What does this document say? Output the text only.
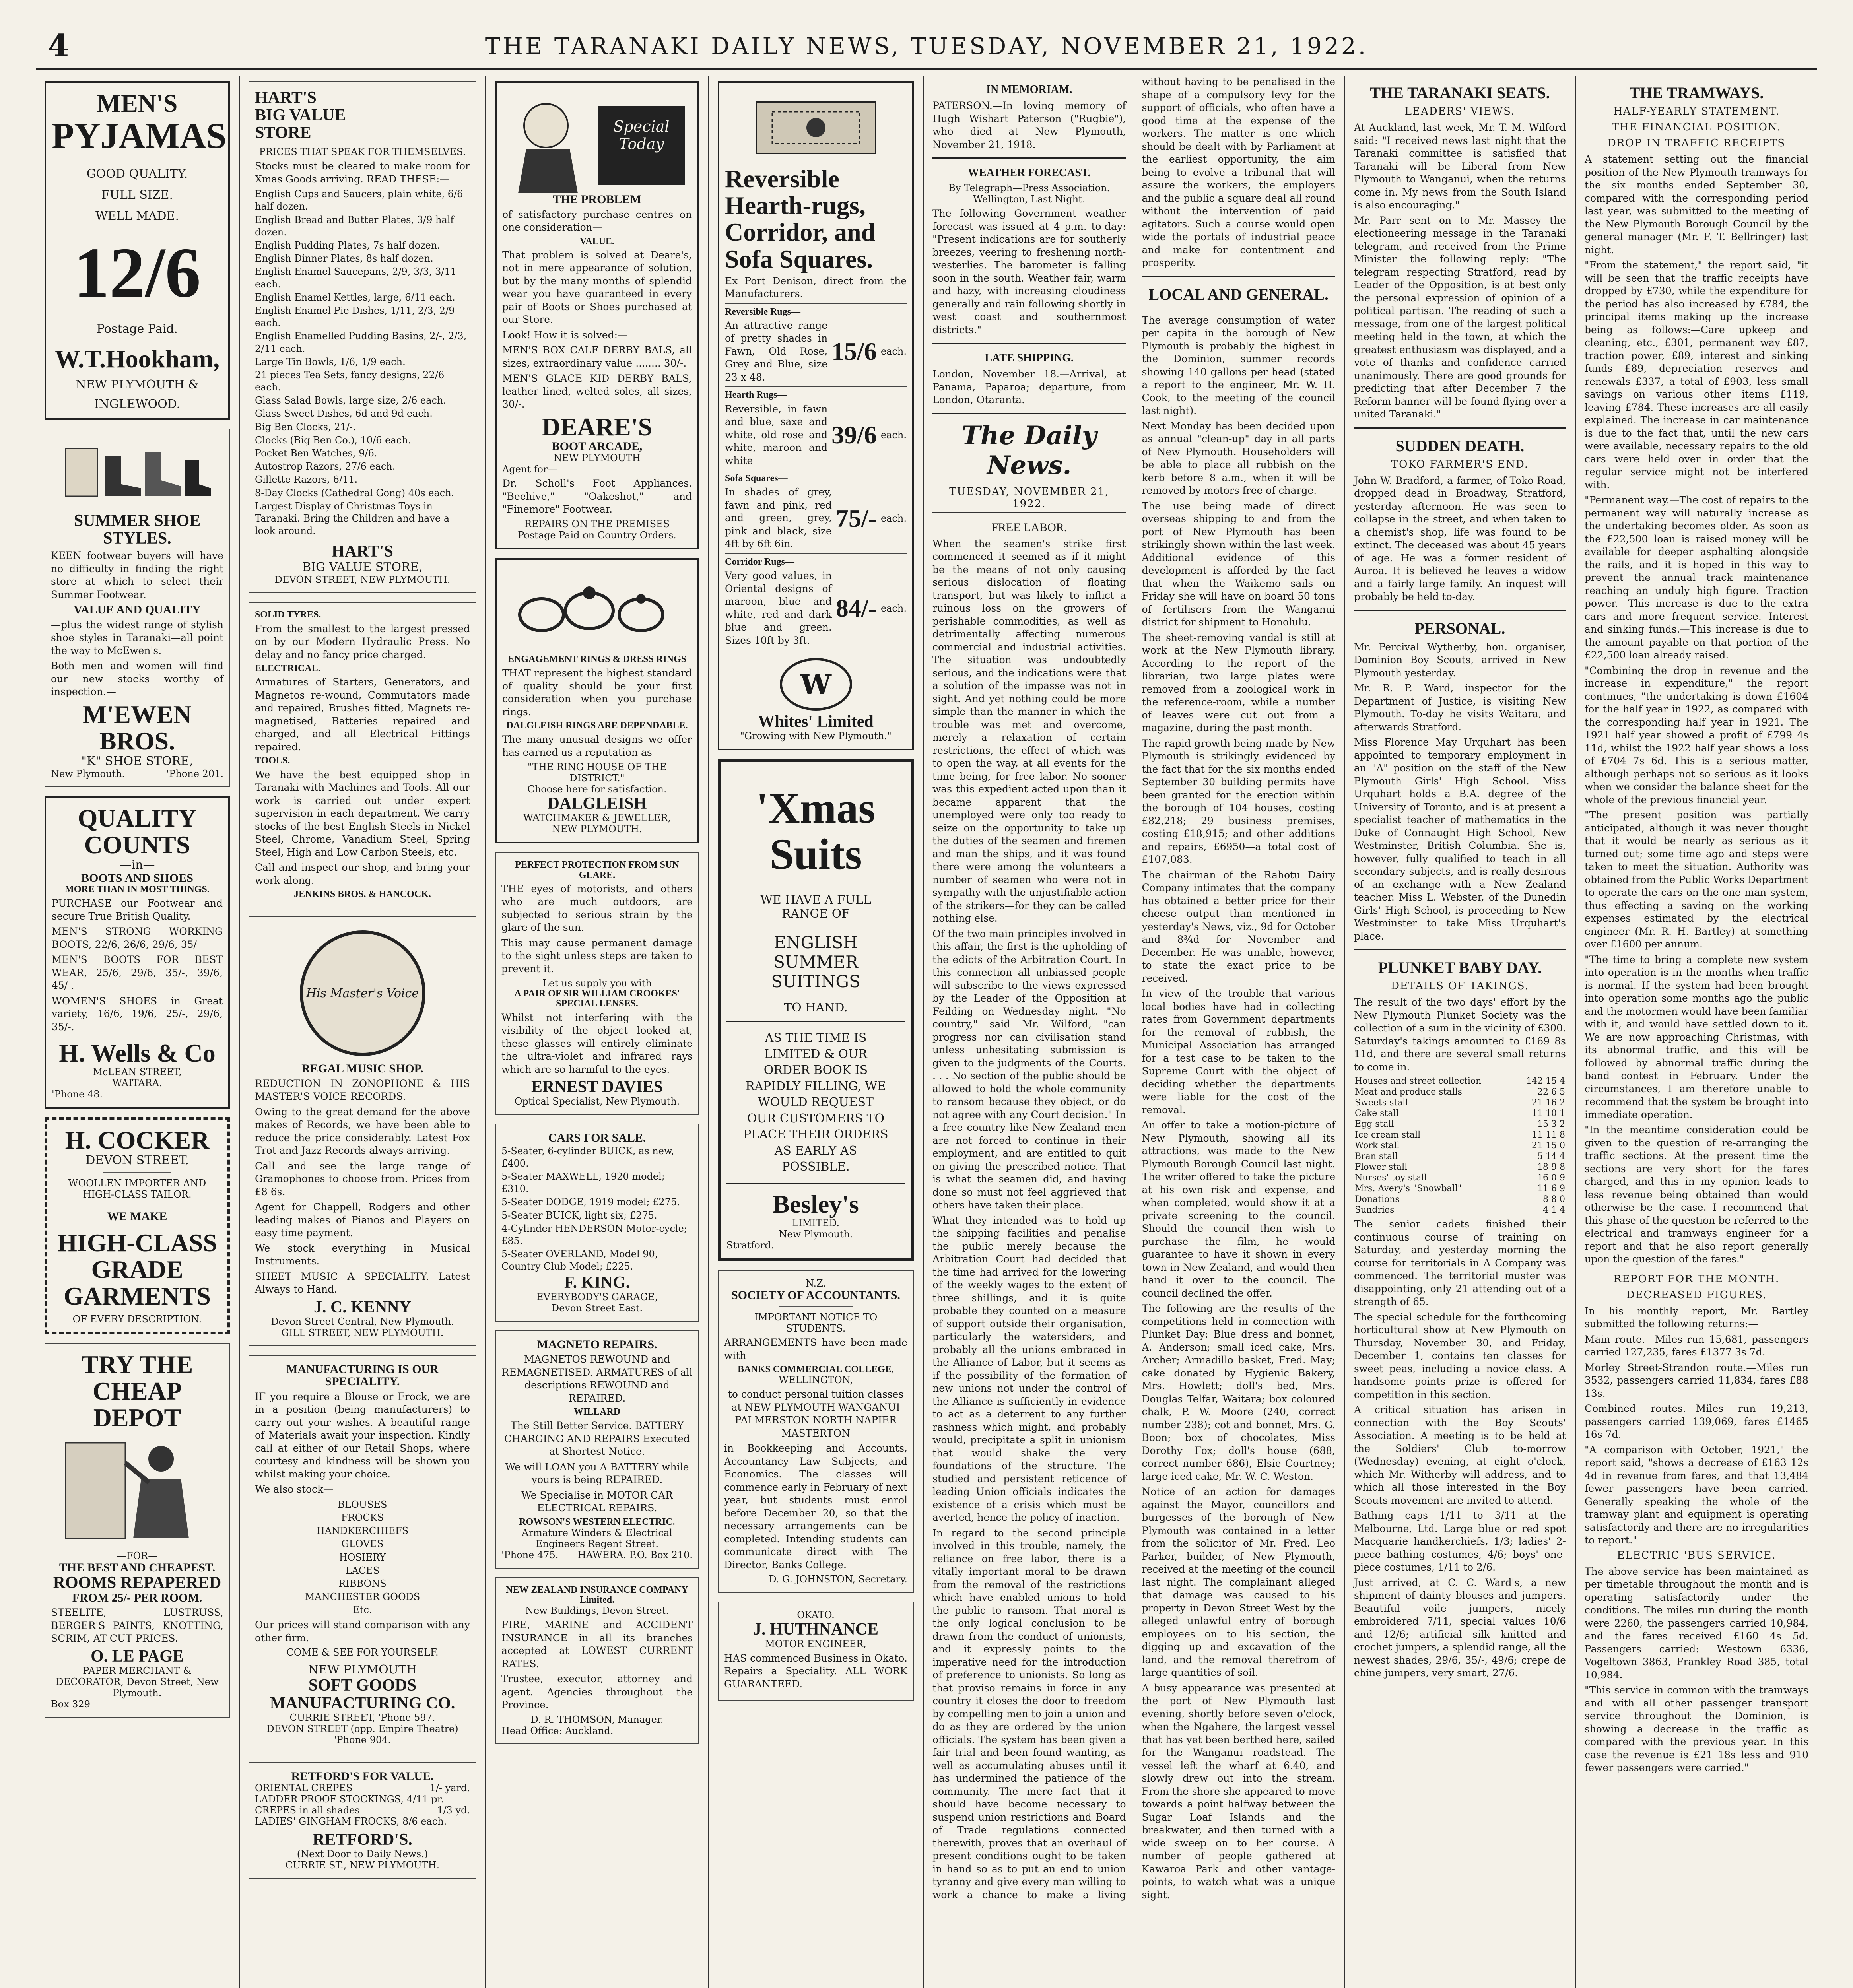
4	THE TARANAKI DAILY NEWS, TUESDAY, NOVEMBER 21, 1922.
MEN'S
PYJAMAS
GOOD QUALITY.
FULL SIZE.
WELL MADE.
12/6
Postage Paid.
W.T.Hookham,
NEW PLYMOUTH &
INGLEWOOD.
SUMMER SHOE
STYLES.

KEEN footwear buyers will have no difficulty in finding the right store at which to select their Summer Footwear.

VALUE AND QUALITY

—plus the widest range of stylish shoe styles in Taranaki—all point the way to McEwen's.

Both men and women will find our new stocks worthy of inspection.—

M'EWEN BROS.
"K" SHOE STORE,
New Plymouth.	'Phone 201.
QUALITY
COUNTS
—in—
BOOTS AND SHOES
MORE THAN IN MOST THINGS.

PURCHASE our Footwear and secure True British Quality.

MEN'S STRONG WORKING BOOTS, 22/6, 26/6, 29/6, 35/-

MEN'S BOOTS FOR BEST WEAR, 25/6, 29/6, 35/-, 39/6, 45/-.

WOMEN'S SHOES in Great variety, 16/6, 19/6, 25/-, 29/6, 35/-.

H. Wells & Co
McLEAN STREET,
WAITARA.
'Phone 48.
H. COCKER
DEVON STREET.
WOOLLEN IMPORTER AND
HIGH-CLASS TAILOR.
WE MAKE
HIGH-CLASS
GRADE
GARMENTS
OF EVERY DESCRIPTION.
TRY THE CHEAP
DEPOT
—FOR—
THE BEST AND CHEAPEST.
ROOMS REPAPERED
FROM 25/- PER ROOM.

STEELITE, LUSTRUSS, BERGER'S PAINTS, KNOTTING, SCRIM, AT CUT PRICES.

O. LE PAGE
PAPER MERCHANT & DECORATOR, Devon Street, New Plymouth.
Box 329
HART'S
BIG VALUE
STORE
PRICES THAT SPEAK FOR THEMSELVES.

Stocks must be cleared to make room for Xmas Goods arriving. READ THESE:—

English Cups and Saucers, plain white, 6/6 half dozen.
English Bread and Butter Plates, 3/9 half dozen.
English Pudding Plates, 7s half dozen.
English Dinner Plates, 8s half dozen.
English Enamel Saucepans, 2/9, 3/3, 3/11 each.
English Enamel Kettles, large, 6/11 each.
English Enamel Pie Dishes, 1/11, 2/3, 2/9 each.
English Enamelled Pudding Basins, 2/-, 2/3, 2/11 each.
Large Tin Bowls, 1/6, 1/9 each.
21 pieces Tea Sets, fancy designs, 22/6 each.
Glass Salad Bowls, large size, 2/6 each.
Glass Sweet Dishes, 6d and 9d each.
Big Ben Clocks, 21/-.
Clocks (Big Ben Co.), 10/6 each.
Pocket Ben Watches, 9/6.
Autostrop Razors, 27/6 each.
Gillette Razors, 6/11.
8-Day Clocks (Cathedral Gong) 40s each.
Largest Display of Christmas Toys in Taranaki. Bring the Children and have a look around.
HART'S
BIG VALUE STORE,
DEVON STREET, NEW PLYMOUTH.
SOLID TYRES.

From the smallest to the largest pressed on by our Modern Hydraulic Press. No delay and no fancy price charged.

ELECTRICAL.

Armatures of Starters, Generators, and Magnetos re-wound, Commutators made and repaired, Brushes fitted, Magnets re-magnetised, Batteries repaired and charged, and all Electrical Fittings repaired.

TOOLS.

We have the best equipped shop in Taranaki with Machines and Tools. All our work is carried out under expert supervision in each department. We carry stocks of the best English Steels in Nickel Steel, Chrome, Vanadium Steel, Spring Steel, High and Low Carbon Steels, etc.

Call and inspect our shop, and bring your work along.

JENKINS BROS. & HANCOCK.
His Master's Voice
REGAL MUSIC SHOP.

REDUCTION IN ZONOPHONE & HIS MASTER'S VOICE RECORDS.

Owing to the great demand for the above makes of Records, we have been able to reduce the price considerably. Latest Fox Trot and Jazz Records always arriving.

Call and see the large range of Gramophones to choose from. Prices from £8 6s.

Agent for Chappell, Rodgers and other leading makes of Pianos and Players on easy time payment.

We stock everything in Musical Instruments.

SHEET MUSIC A SPECIALITY. Latest Always to Hand.

J. C. KENNY
Devon Street Central, New Plymouth.
GILL STREET, NEW PLYMOUTH.
MANUFACTURING IS OUR SPECIALITY.

IF you require a Blouse or Frock, we are in a position (being manufacturers) to carry out your wishes. A beautiful range of Materials await your inspection. Kindly call at either of our Retail Shops, where courtesy and kindness will be shown you whilst making your choice.

We also stock—

BLOUSES
FROCKS
HANDKERCHIEFS
GLOVES
HOSIERY
LACES
RIBBONS
MANCHESTER GOODS
Etc.

Our prices will stand comparison with any other firm.

COME & SEE FOR YOURSELF.
NEW PLYMOUTH
SOFT GOODS MANUFACTURING CO.
CURRIE STREET, 'Phone 597.
DEVON STREET (opp. Empire Theatre) 'Phone 904.
RETFORD'S FOR VALUE.
ORIENTAL CREPES	1/- yard.
LADDER PROOF STOCKINGS, 4/11 pr.
CREPES in all shades	1/3 yd.
LADIES' GINGHAM FROCKS, 8/6 each.
RETFORD'S.
(Next Door to Daily News.)
CURRIE ST., NEW PLYMOUTH.
Special
Today
THE PROBLEM

of satisfactory purchase centres on one consideration—

VALUE.

That problem is solved at Deare's, not in mere appearance of solution, but by the many months of splendid wear you have guaranteed in every pair of Boots or Shoes purchased at our Store.

Look! How it is solved:—

MEN'S BOX CALF DERBY BALS, all sizes, extraordinary value ........ 30/-.

MEN'S GLACE KID DERBY BALS, leather lined, welted soles, all sizes, 30/-.

DEARE'S
BOOT ARCADE,
NEW PLYMOUTH
Agent for—

Dr. Scholl's Foot Appliances. "Beehive," "Oakeshot," and "Finemore" Footwear.

REPAIRS ON THE PREMISES
Postage Paid on Country Orders.
ENGAGEMENT RINGS & DRESS RINGS

THAT represent the highest standard of quality should be your first consideration when you purchase rings.

DALGLEISH RINGS ARE DEPENDABLE.

The many unusual designs we offer has earned us a reputation as

"THE RING HOUSE OF THE DISTRICT."
Choose here for satisfaction.
DALGLEISH
WATCHMAKER & JEWELLER,
NEW PLYMOUTH.
PERFECT PROTECTION FROM SUN GLARE.

THE eyes of motorists, and others who are much outdoors, are subjected to serious strain by the glare of the sun.

This may cause permanent damage to the sight unless steps are taken to prevent it.

Let us supply you with
A PAIR OF SIR WILLIAM CROOKES' SPECIAL LENSES.

Whilst not interfering with the visibility of the object looked at, these glasses will entirely eliminate the ultra-violet and infrared rays which are so harmful to the eyes.

ERNEST DAVIES
Optical Specialist, New Plymouth.
CARS FOR SALE.
5-Seater, 6-cylinder BUICK, as new, £400.
5-Seater MAXWELL, 1920 model; £310.
5-Seater DODGE, 1919 model; £275.
5-Seater BUICK, light six; £275.
4-Cylinder HENDERSON Motor-cycle; £85.
5-Seater OVERLAND, Model 90, Country Club Model; £225.
F. KING.
EVERYBODY'S GARAGE,
Devon Street East.
MAGNETO REPAIRS.

MAGNETOS REWOUND and REMAGNETISED. ARMATURES of all descriptions REWOUND and REPAIRED.

WILLARD

The Still Better Service. BATTERY CHARGING AND REPAIRS Executed at Shortest Notice.

We will LOAN you A BATTERY while yours is being REPAIRED.

We Specialise in MOTOR CAR ELECTRICAL REPAIRS.

ROWSON'S WESTERN ELECTRIC.
Armature Winders & Electrical Engineers Regent Street.
'Phone 475. HAWERA. P.O. Box 210.
NEW ZEALAND INSURANCE COMPANY Limited.
New Buildings, Devon Street.

FIRE, MARINE and ACCIDENT INSURANCE in all its branches accepted at LOWEST CURRENT RATES.

Trustee, executor, attorney and agent. Agencies throughout the Province.

D. R. THOMSON, Manager.
Head Office: Auckland.
Reversible Hearth-rugs, Corridor, and Sofa Squares.

Ex Port Denison, direct from the Manufacturers.

Reversible Rugs—

An attractive range of pretty shades in Fawn, Old Rose, Grey and Blue, size 23 x 48.

15/6 each.
Hearth Rugs—

Reversible, in fawn and blue, saxe and white, old rose and white, maroon and white

39/6 each.
Sofa Squares—

In shades of grey, fawn and pink, red and green, grey, pink and black, size 4ft by 6ft 6in.

75/- each.
Corridor Rugs—

Very good values, in Oriental designs of maroon, blue and white, red and dark blue and green. Sizes 10ft by 3ft.

84/- each.
W
Whites' Limited
"Growing with New Plymouth."
'Xmas
Suits
WE HAVE A FULL RANGE OF
ENGLISH SUMMER SUITINGS
TO HAND.
AS THE TIME IS LIMITED & OUR ORDER BOOK IS RAPIDLY FILLING, WE WOULD REQUEST OUR CUSTOMERS TO PLACE THEIR ORDERS AS EARLY AS POSSIBLE.
Besley's
LIMITED.
New Plymouth.
Stratford.
N.Z.
SOCIETY OF ACCOUNTANTS.
IMPORTANT NOTICE TO STUDENTS.

ARRANGEMENTS have been made with

BANKS COMMERCIAL COLLEGE,
WELLINGTON,

to conduct personal tuition classes at NEW PLYMOUTH WANGANUI PALMERSTON NORTH NAPIER MASTERTON

in Bookkeeping and Accounts, Accountancy Law Subjects, and Economics. The classes will commence early in February of next year, but students must enrol before December 20, so that the necessary arrangements can be completed. Intending students can communicate direct with The Director, Banks College.

D. G. JOHNSTON, Secretary.
OKATO.
J. HUTHNANCE
MOTOR ENGINEER,

HAS commenced Business in Okato. Repairs a Speciality. ALL WORK GUARANTEED.

IN MEMORIAM.

PATERSON.—In loving memory of Hugh Wishart Paterson ("Rugbie"), who died at New Plymouth, November 21, 1918.

WEATHER FORECAST.
By Telegraph—Press Association. Wellington, Last Night.

The following Government weather forecast was issued at 4 p.m. to-day: "Present indications are for southerly breezes, veering to freshening north-westerlies. The barometer is falling soon in the south. Weather fair, warm and hazy, with increasing cloudiness generally and rain following shortly in west coast and southernmost districts."

LATE SHIPPING.

London, November 18.—Arrival, at Panama, Paparoa; departure, from London, Otaranta.

The Daily News.
TUESDAY, NOVEMBER 21, 1922.
FREE LABOR.

When the seamen's strike first commenced it seemed as if it might be the means of not only causing serious dislocation of floating transport, but was likely to inflict a ruinous loss on the growers of perishable commodities, as well as detrimentally affecting numerous commercial and industrial activities. The situation was undoubtedly serious, and the indications were that a solution of the impasse was not in sight. And yet nothing could be more simple than the manner in which the trouble was met and overcome, merely a relaxation of certain restrictions, the effect of which was to open the way, at all events for the time being, for free labor. No sooner was this expedient acted upon than it became apparent that the unemployed were only too ready to seize on the opportunity to take up the duties of the seamen and firemen and man the ships, and it was found there were among the volunteers a number of seamen who were not in sympathy with the unjustifiable action of the strikers—for they can be called nothing else.

Of the two main principles involved in this affair, the first is the upholding of the edicts of the Arbitration Court. In this connection all unbiassed people will subscribe to the views expressed by the Leader of the Opposition at Feilding on Wednesday night. "No country," said Mr. Wilford, "can progress nor can civilisation stand unless unhesitating submission is given to the judgments of the Courts. . . . No section of the public should be allowed to hold the whole community to ransom because they object, or do not agree with any Court decision." In a free country like New Zealand men are not forced to continue in their employment, and are entitled to quit on giving the prescribed notice. That is what the seamen did, and having done so must not feel aggrieved that others have taken their place.

What they intended was to hold up the shipping facilities and penalise the public merely because the Arbitration Court had decided that the time had arrived for the lowering of the weekly wages to the extent of three shillings, and it is quite probable they counted on a measure of support outside their organisation, particularly the watersiders, and probably all the unions embraced in the Alliance of Labor, but it seems as if the possibility of the formation of new unions not under the control of the Alliance is sufficiently in evidence to act as a deterrent to any further rashness which might, and probably would, precipitate a split in unionism that would shake the very foundations of the structure. The studied and persistent reticence of leading Union officials indicates the existence of a crisis which must be averted, hence the policy of inaction.

In regard to the second principle involved in this trouble, namely, the reliance on free labor, there is a vitally important moral to be drawn from the removal of the restrictions which have enabled unions to hold the public to ransom. That moral is the only logical conclusion to be drawn from the conduct of unionists, and it expressly points to the imperative need for the introduction of preference to unionists. So long as that proviso remains in force in any country it closes the door to freedom by compelling men to join a union and do as they are ordered by the union officials. The system has been given a fair trial and been found wanting, as well as accumulating abuses until it has undermined the patience of the community. The mere fact that it should have become necessary to suspend union restrictions and Board of Trade regulations connected therewith, proves that an overhaul of present conditions ought to be taken in hand so as to put an end to union tyranny and give every man willing to work a chance to make a living without having to be penalised in the shape of a compulsory levy for the support of officials, who often have a good time at the expense of the workers. The matter is one which should be dealt with by Parliament at the earliest opportunity, the aim being to evolve a tribunal that will assure the workers, the employers and the public a square deal all round without the intervention of paid agitators. Such a course would open wide the portals of industrial peace and make for contentment and prosperity.

LOCAL AND GENERAL.

The average consumption of water per capita in the borough of New Plymouth is probably the highest in the Dominion, summer records showing 140 gallons per head (stated a report to the engineer, Mr. W. H. Cook, to the meeting of the council last night).

Next Monday has been decided upon as annual "clean-up" day in all parts of New Plymouth. Householders will be able to place all rubbish on the kerb before 8 a.m., when it will be removed by motors free of charge.

The use being made of direct overseas shipping to and from the port of New Plymouth has been strikingly shown within the last week. Additional evidence of this development is afforded by the fact that when the Waikemo sails on Friday she will have on board 50 tons of fertilisers from the Wanganui district for shipment to Honolulu.

The sheet-removing vandal is still at work at the New Plymouth library. According to the report of the librarian, two large plates were removed from a zoological work in the reference-room, while a number of leaves were cut out from a magazine, during the past month.

The rapid growth being made by New Plymouth is strikingly evidenced by the fact that for the six months ended September 30 building permits have been granted for the erection within the borough of 104 houses, costing £82,218; 29 business premises, costing £18,915; and other additions and repairs, £6950—a total cost of £107,083.

The chairman of the Rahotu Dairy Company intimates that the company has obtained a better price for their cheese output than mentioned in yesterday's News, viz., 9d for October and 8¾d for November and December. He was unable, however, to state the exact price to be received.

In view of the trouble that various local bodies have had in collecting rates from Government departments for the removal of rubbish, the Municipal Association has arranged for a test case to be taken to the Supreme Court with the object of deciding whether the departments were liable for the cost of the removal.

An offer to take a motion-picture of New Plymouth, showing all its attractions, was made to the New Plymouth Borough Council last night. The writer offered to take the picture at his own risk and expense, and when completed, would show it at a private screening to the council. Should the council then wish to purchase the film, he would guarantee to have it shown in every town in New Zealand, and would then hand it over to the council. The council declined the offer.

The following are the results of the competitions held in connection with Plunket Day: Blue dress and bonnet, A. Anderson; small iced cake, Mrs. Archer; Armadillo basket, Fred. May; cake donated by Hygienic Bakery, Mrs. Howlett; doll's bed, Mrs. Douglas Telfar, Waitara; box coloured chalk, P. W. Moore (240, correct number 238); cot and bonnet, Mrs. G. Boon; box of chocolates, Miss Dorothy Fox; doll's house (688, correct number 686), Elsie Courtney; large iced cake, Mr. W. C. Weston.

Notice of an action for damages against the Mayor, councillors and burgesses of the borough of New Plymouth was contained in a letter from the solicitor of Mr. Fred. Leo Parker, builder, of New Plymouth, received at the meeting of the council last night. The complainant alleged that damage was caused to his property in Devon Street West by the alleged unlawful entry of borough employees on to his section, the digging up and excavation of the land, and the removal therefrom of large quantities of soil.

A busy appearance was presented at the port of New Plymouth last evening, shortly before seven o'clock, when the Ngahere, the largest vessel that has yet been berthed here, sailed for the Wanganui roadstead. The vessel left the wharf at 6.40, and slowly drew out into the stream. From the shore she appeared to move towards a point halfway between the Sugar Loaf Islands and the breakwater, and then turned with a wide sweep on to her course. A number of people gathered at Kawaroa Park and other vantage-points, to watch what was a unique sight.

THE TARANAKI SEATS.
LEADERS' VIEWS.

At Auckland, last week, Mr. T. M. Wilford said: "I received news last night that the Taranaki committee is satisfied that Taranaki will be Liberal from New Plymouth to Wanganui, when the returns come in. My news from the South Island is also encouraging."

Mr. Parr sent on to Mr. Massey the electioneering message in the Taranaki telegram, and received from the Prime Minister the following reply: "The telegram respecting Stratford, read by Leader of the Opposition, is at best only the personal expression of opinion of a political partisan. The reading of such a message, from one of the largest political meeting held in the town, at which the greatest enthusiasm was displayed, and a vote of thanks and confidence carried unanimously. There are good grounds for predicting that after December 7 the Reform banner will be found flying over a united Taranaki."

SUDDEN DEATH.
TOKO FARMER'S END.

John W. Bradford, a farmer, of Toko Road, dropped dead in Broadway, Stratford, yesterday afternoon. He was seen to collapse in the street, and when taken to a chemist's shop, life was found to be extinct. The deceased was about 45 years of age. He was a former resident of Auroa. It is believed he leaves a widow and a fairly large family. An inquest will probably be held to-day.

PERSONAL.

Mr. Percival Wytherby, hon. organiser, Dominion Boy Scouts, arrived in New Plymouth yesterday.

Mr. R. P. Ward, inspector for the Department of Justice, is visiting New Plymouth. To-day he visits Waitara, and afterwards Stratford.

Miss Florence May Urquhart has been appointed to temporary employment in an "A" position on the staff of the New Plymouth Girls' High School. Miss Urquhart holds a B.A. degree of the University of Toronto, and is at present a specialist teacher of mathematics in the Duke of Connaught High School, New Westminster, British Columbia. She is, however, fully qualified to teach in all secondary subjects, and is really desirous of an exchange with a New Zealand teacher. Miss L. Webster, of the Dunedin Girls' High School, is proceeding to New Westminster to take Miss Urquhart's place.

PLUNKET BABY DAY.
DETAILS OF TAKINGS.

The result of the two days' effort by the New Plymouth Plunket Society was the collection of a sum in the vicinity of £300. Saturday's takings amounted to £169 8s 11d, and there are several small returns to come in.

Houses and street collection	142 15 4
Meat and produce stalls	22 6 5
Sweets stall	21 16 2
Cake stall	11 10 1
Egg stall	15 3 2
Ice cream stall	11 11 8
Work stall	21 15 0
Bran stall	5 14 4
Flower stall	18 9 8
Nurses' toy stall	16 0 9
Mrs. Avery's "Snowball"	11 6 9
Donations	8 8 0
Sundries	4 1 4

The senior cadets finished their continuous course of training on Saturday, and yesterday morning the course for territorials in A Company was commenced. The territorial muster was disappointing, only 21 attending out of a strength of 65.

The special schedule for the forthcoming horticultural show at New Plymouth on Thursday, November 30, and Friday, December 1, contains ten classes for sweet peas, including a novice class. A handsome points prize is offered for competition in this section.

A critical situation has arisen in connection with the Boy Scouts' Association. A meeting is to be held at the Soldiers' Club to-morrow (Wednesday) evening, at eight o'clock, which Mr. Witherby will address, and to which all those interested in the Boy Scouts movement are invited to attend.

Bathing caps 1/11 to 3/11 at the Melbourne, Ltd. Large blue or red spot Macquarie handkerchiefs, 1/3; ladies' 2-piece bathing costumes, 4/6; boys' one-piece costumes, 1/11 to 2/6.

Just arrived, at C. C. Ward's, a new shipment of dainty blouses and jumpers. Beautiful voile jumpers, nicely embroidered 7/11, special values 10/6 and 12/6; artificial silk knitted and crochet jumpers, a splendid range, all the newest shades, 29/6, 35/-, 49/6; crepe de chine jumpers, very smart, 27/6.

THE TRAMWAYS.
HALF-YEARLY STATEMENT.
THE FINANCIAL POSITION.
DROP IN TRAFFIC RECEIPTS

A statement setting out the financial position of the New Plymouth tramways for the six months ended September 30, compared with the corresponding period last year, was submitted to the meeting of the New Plymouth Borough Council by the general manager (Mr. F. T. Bellringer) last night.

"From the statement," the report said, "it will be seen that the traffic receipts have dropped by £730, while the expenditure for the period has also increased by £784, the principal items making up the increase being as follows:—Care upkeep and cleaning, etc., £301, permanent way £87, traction power, £89, interest and sinking funds £89, depreciation reserves and renewals £337, a total of £903, less small savings on various other items £119, leaving £784. These increases are all easily explained. The increase in car maintenance is due to the fact that, until the new cars were available, necessary repairs to the old cars were held over in order that the regular service might not be interfered with.

"Permanent way.—The cost of repairs to the permanent way will naturally increase as the undertaking becomes older. As soon as the £22,500 loan is raised money will be available for deeper asphalting alongside the rails, and it is hoped in this way to prevent the annual track maintenance reaching an unduly high figure. Traction power.—This increase is due to the extra cars and more frequent service. Interest and sinking funds.—This increase is due to the amount payable on that portion of the £22,500 loan already raised.

"Combining the drop in revenue and the increase in expenditure," the report continues, "the undertaking is down £1604 for the half year in 1922, as compared with the corresponding half year in 1921. The 1921 half year showed a profit of £799 4s 11d, whilst the 1922 half year shows a loss of £704 7s 6d. This is a serious matter, although perhaps not so serious as it looks when we consider the balance sheet for the whole of the previous financial year.

"The present position was partially anticipated, although it was never thought that it would be nearly as serious as it turned out; some time ago and steps were taken to meet the situation. Authority was obtained from the Public Works Department to operate the cars on the one man system, thus effecting a saving on the working expenses estimated by the electrical engineer (Mr. R. H. Bartley) at something over £1600 per annum.

"The time to bring a complete new system into operation is in the months when traffic is normal. If the system had been brought into operation some months ago the public and the motormen would have been familiar with it, and would have settled down to it. We are now approaching Christmas, with its abnormal traffic, and this will be followed by abnormal traffic during the band contest in February. Under the circumstances, I am therefore unable to recommend that the system be brought into immediate operation.

"In the meantime consideration could be given to the question of re-arranging the traffic sections. At the present time the sections are very short for the fares charged, and this in my opinion leads to less revenue being obtained than would otherwise be the case. I recommend that this phase of the question be referred to the electrical and tramways engineer for a report and that he also report generally upon the question of the fares."

REPORT FOR THE MONTH.
DECREASED FIGURES.

In his monthly report, Mr. Bartley submitted the following returns:—

Main route.—Miles run 15,681, passengers carried 127,235, fares £1377 3s 7d.

Morley Street-Strandon route.—Miles run 3532, passengers carried 11,834, fares £88 13s.

Combined routes.—Miles run 19,213, passengers carried 139,069, fares £1465 16s 7d.

"A comparison with October, 1921," the report said, "shows a decrease of £163 12s 4d in revenue from fares, and that 13,484 fewer passengers have been carried. Generally speaking the whole of the tramway plant and equipment is operating satisfactorily and there are no irregularities to report."

ELECTRIC 'BUS SERVICE.

The above service has been maintained as per timetable throughout the month and is operating satisfactorily under the conditions. The miles run during the month were 2260, the passengers carried 10,984, and the fares received £160 4s 5d. Passengers carried: Westown 6336, Vogeltown 3863, Frankley Road 385, total 10,984.

"This service in common with the tramways and with all other passenger transport service throughout the Dominion, is showing a decrease in the traffic as compared with the previous year. In this case the revenue is £21 18s less and 910 fewer passengers were carried."
